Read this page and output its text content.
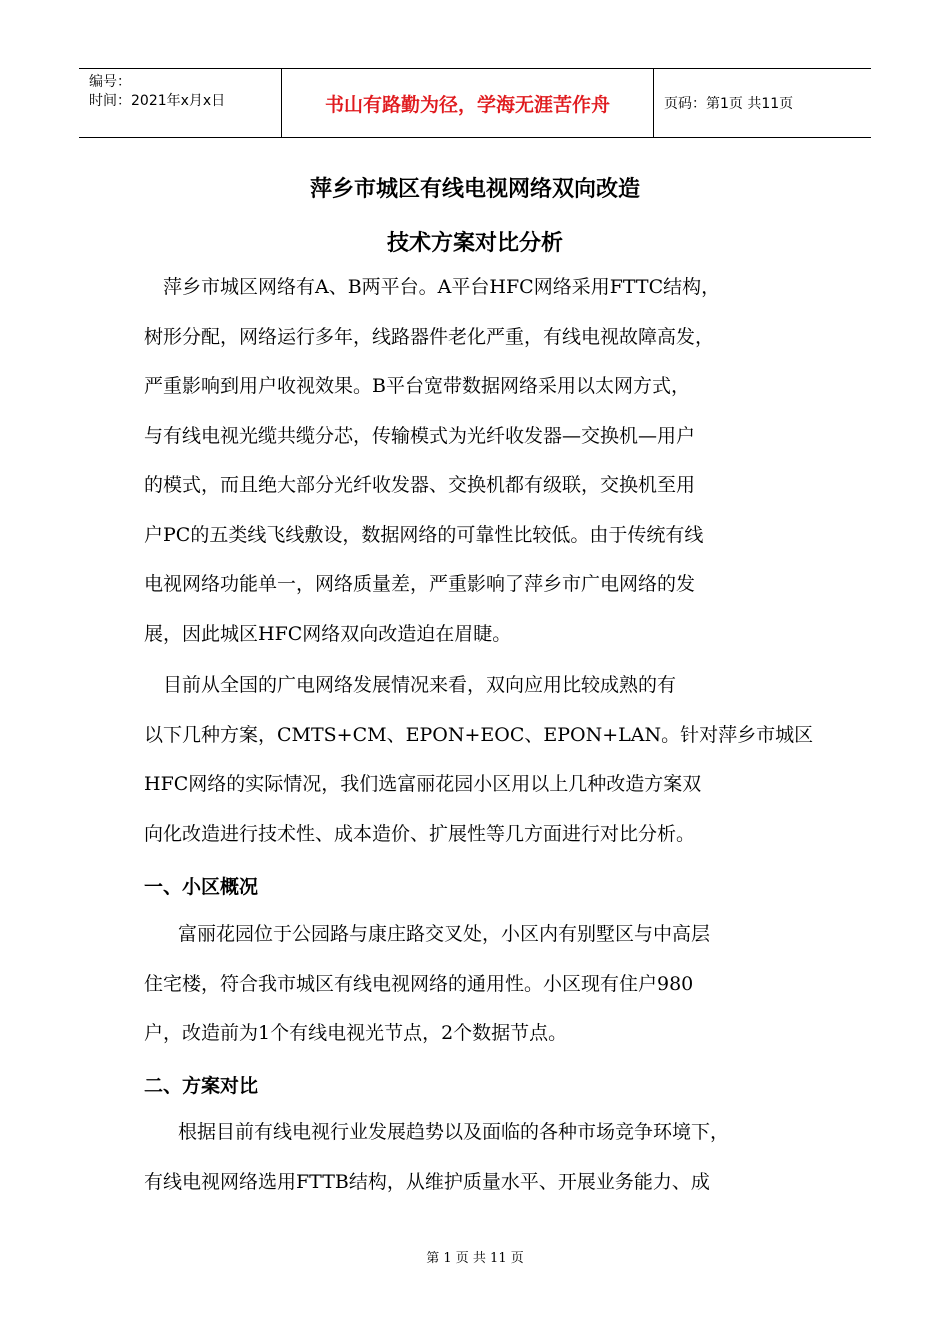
编号：
时间：2021年x月x日	书山有路勤为径，学海无涯苦作舟	页码：第1页 共11页
萍乡市城区有线电视网络双向改造
技术方案对比分析
　萍乡市城区网络有A、B两平台。A平台HFC网络采用FTTC结构，
树形分配，网络运行多年，线路器件老化严重，有线电视故障高发，
严重影响到用户收视效果。B平台宽带数据网络采用以太网方式，
与有线电视光缆共缆分芯，传输模式为光纤收发器—交换机—用户
的模式，而且绝大部分光纤收发器、交换机都有级联，交换机至用
户PC的五类线飞线敷设，数据网络的可靠性比较低。由于传统有线
电视网络功能单一，网络质量差，严重影响了萍乡市广电网络的发
展，因此城区HFC网络双向改造迫在眉睫。
　目前从全国的广电网络发展情况来看，双向应用比较成熟的有
以下几种方案，CMTS+CM、EPON+EOC、EPON+LAN。针对萍乡市城区
HFC网络的实际情况，我们选富丽花园小区用以上几种改造方案双
向化改造进行技术性、成本造价、扩展性等几方面进行对比分析。
一、小区概况
富丽花园位于公园路与康庄路交叉处，小区内有别墅区与中高层
住宅楼，符合我市城区有线电视网络的通用性。小区现有住户980
户，改造前为1个有线电视光节点，2个数据节点。
二、方案对比
根据目前有线电视行业发展趋势以及面临的各种市场竞争环境下，
有线电视网络选用FTTB结构，从维护质量水平、开展业务能力、成
第 1 页 共 11 页
